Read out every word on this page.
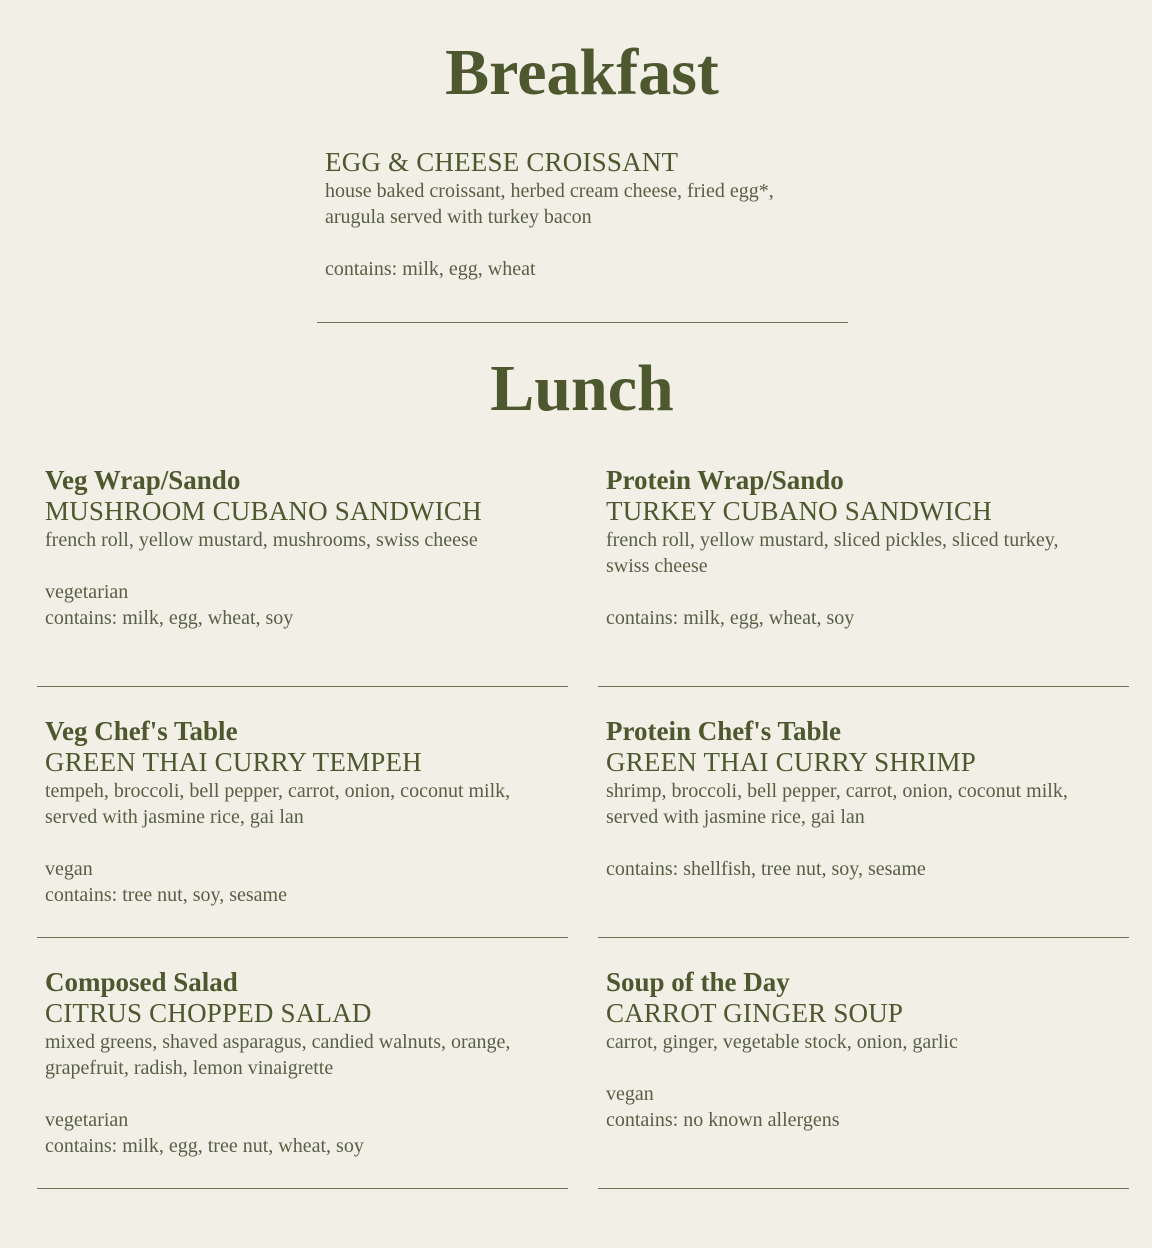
Breakfast
EGG & CHEESE CROISSANT
house baked croissant, herbed cream cheese, fried egg*,
arugula served with turkey bacon
contains: milk, egg, wheat
Lunch
Veg Wrap/Sando
MUSHROOM CUBANO SANDWICH
french roll, yellow mustard, mushrooms, swiss cheese
vegetarian
contains: milk, egg, wheat, soy
Protein Wrap/Sando
TURKEY CUBANO SANDWICH
french roll, yellow mustard, sliced pickles, sliced turkey,
swiss cheese
contains: milk, egg, wheat, soy
Veg Chef's Table
GREEN THAI CURRY TEMPEH
tempeh, broccoli, bell pepper, carrot, onion, coconut milk,
served with jasmine rice, gai lan
vegan
contains: tree nut, soy, sesame
Protein Chef's Table
GREEN THAI CURRY SHRIMP
shrimp, broccoli, bell pepper, carrot, onion, coconut milk,
served with jasmine rice, gai lan
contains: shellfish, tree nut, soy, sesame
Composed Salad
CITRUS CHOPPED SALAD
mixed greens, shaved asparagus, candied walnuts, orange,
grapefruit, radish, lemon vinaigrette
vegetarian
contains: milk, egg, tree nut, wheat, soy
Soup of the Day
CARROT GINGER SOUP
carrot, ginger, vegetable stock, onion, garlic
vegan
contains: no known allergens
